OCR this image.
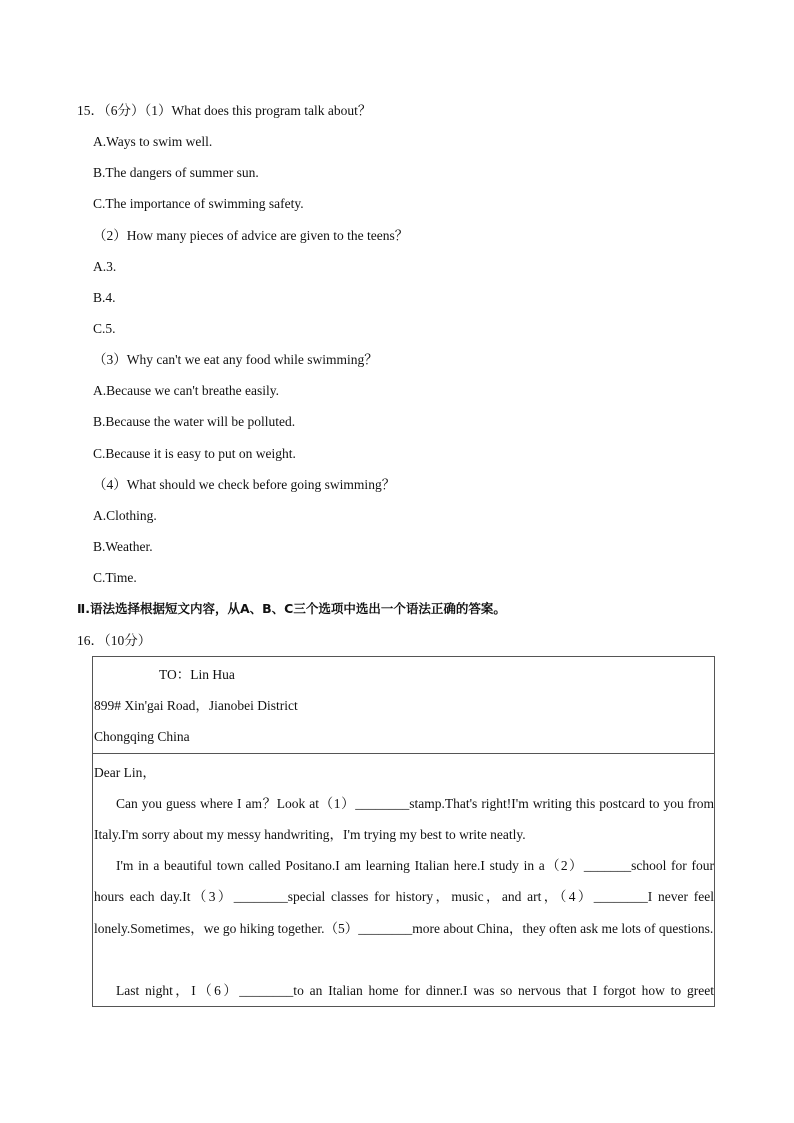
15．（6分）（1）What does this program talk about？
A.Ways to swim well.
B.The dangers of summer sun.
C.The importance of swimming safety.
（2）How many pieces of advice are given to the teens？
A.3.
B.4.
C.5.
（3）Why can't we eat any food while swimming？
A.Because we can't breathe easily.
B.Because the water will be polluted.
C.Because it is easy to put on weight.
（4）What should we check before going swimming？
A.Clothing.
B.Weather.
C.Time.
Ⅱ.语法选择根据短文内容，从A、B、C三个选项中选出一个语法正确的答案。
16．（10分）
TO：Lin Hua
899# Xin'gai Road，Jianobei District
Chongqing China
Dear Lin，
Can you guess where I am？Look at（1）________stamp.That's right!I'm writing this postcard to you from Italy.I'm sorry about my messy handwriting，I'm trying my best to write neatly.
I'm in a beautiful town called Positano.I am learning Italian here.I study in a（2）_______school for four hours each day.It（3）________special classes for history，music，and art，（4）________I never feel lonely.Sometimes，we go hiking together.（5）________more about China，they often ask me lots of questions.
Last night，I（6）________to an Italian home for dinner.I was so nervous that I forgot how to greet
